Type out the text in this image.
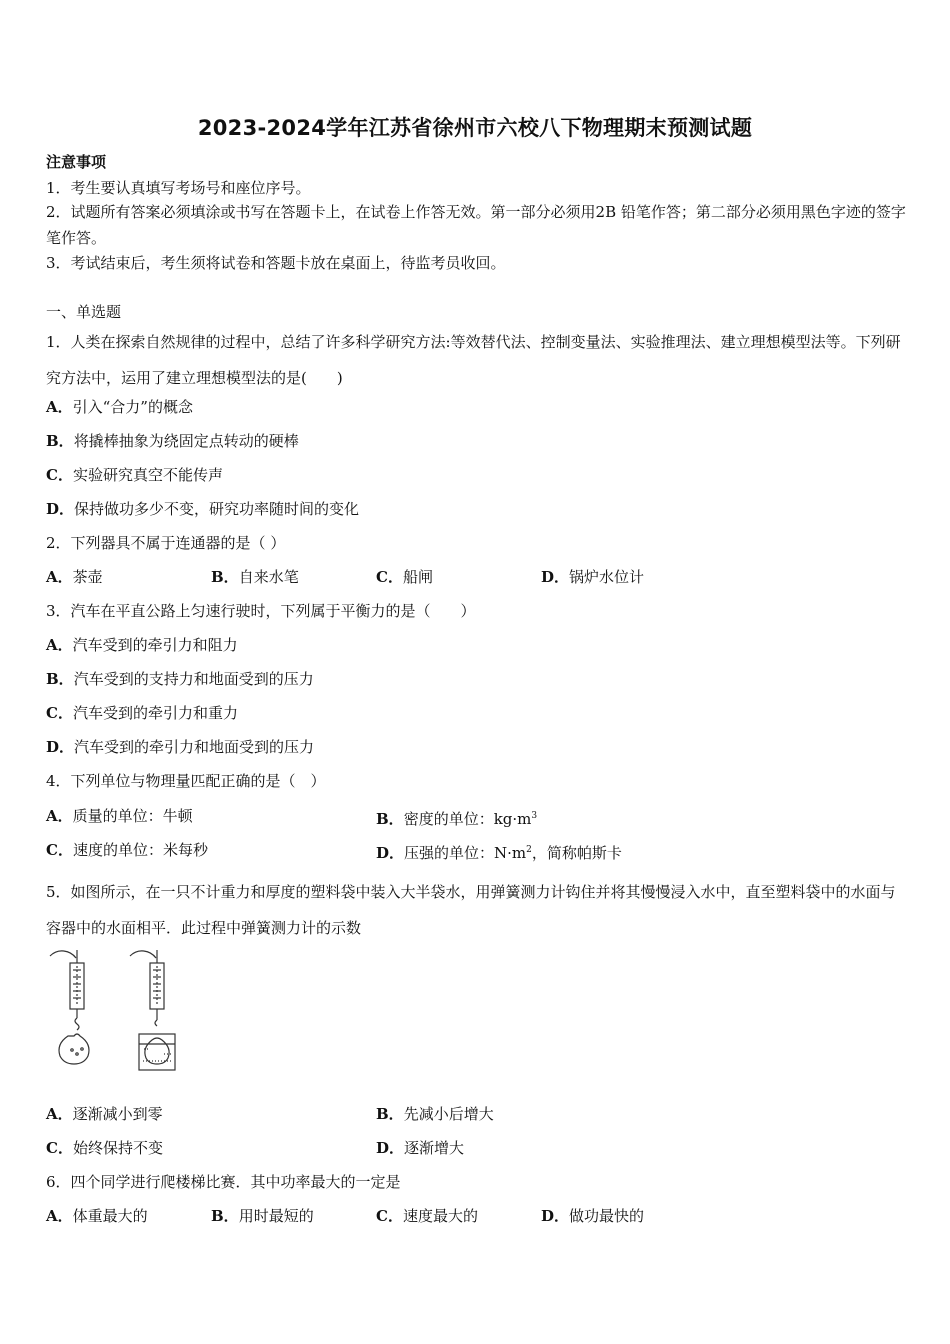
2023-2024学年江苏省徐州市六校八下物理期末预测试题
注意事项
1．考生要认真填写考场号和座位序号。
2．试题所有答案必须填涂或书写在答题卡上，在试卷上作答无效。第一部分必须用2B 铅笔作答；第二部分必须用黑色字迹的签字笔作答。
3．考试结束后，考生须将试卷和答题卡放在桌面上，待监考员收回。
一、单选题
1．人类在探索自然规律的过程中，总结了许多科学研究方法:等效替代法、控制变量法、实验推理法、建立理想模型法等。下列研究方法中，运用了建立理想模型法的是(　　)
A．引入“合力”的概念
B．将撬棒抽象为绕固定点转动的硬棒
C．实验研究真空不能传声
D．保持做功多少不变，研究功率随时间的变化
2．下列器具不属于连通器的是（ ）
A．茶壶	B．自来水笔	C．船闸	D．锅炉水位计
3．汽车在平直公路上匀速行驶时，下列属于平衡力的是（　　）
A．汽车受到的牵引力和阻力
B．汽车受到的支持力和地面受到的压力
C．汽车受到的牵引力和重力
D．汽车受到的牵引力和地面受到的压力
4．下列单位与物理量匹配正确的是（　）
A．质量的单位：牛顿	B．密度的单位：$kg\cdot m^3$
C．速度的单位：米每秒	D．压强的单位：$N\cdot m^2$，简称帕斯卡
5．如图所示，在一只不计重力和厚度的塑料袋中装入大半袋水，用弹簧测力计钩住并将其慢慢浸入水中，直至塑料袋中的水面与容器中的水面相平．此过程中弹簧测力计的示数
A．逐渐减小到零	B．先减小后增大
C．始终保持不变	D．逐渐增大
6．四个同学进行爬楼梯比赛．其中功率最大的一定是
A．体重最大的	B．用时最短的	C．速度最大的	D．做功最快的
